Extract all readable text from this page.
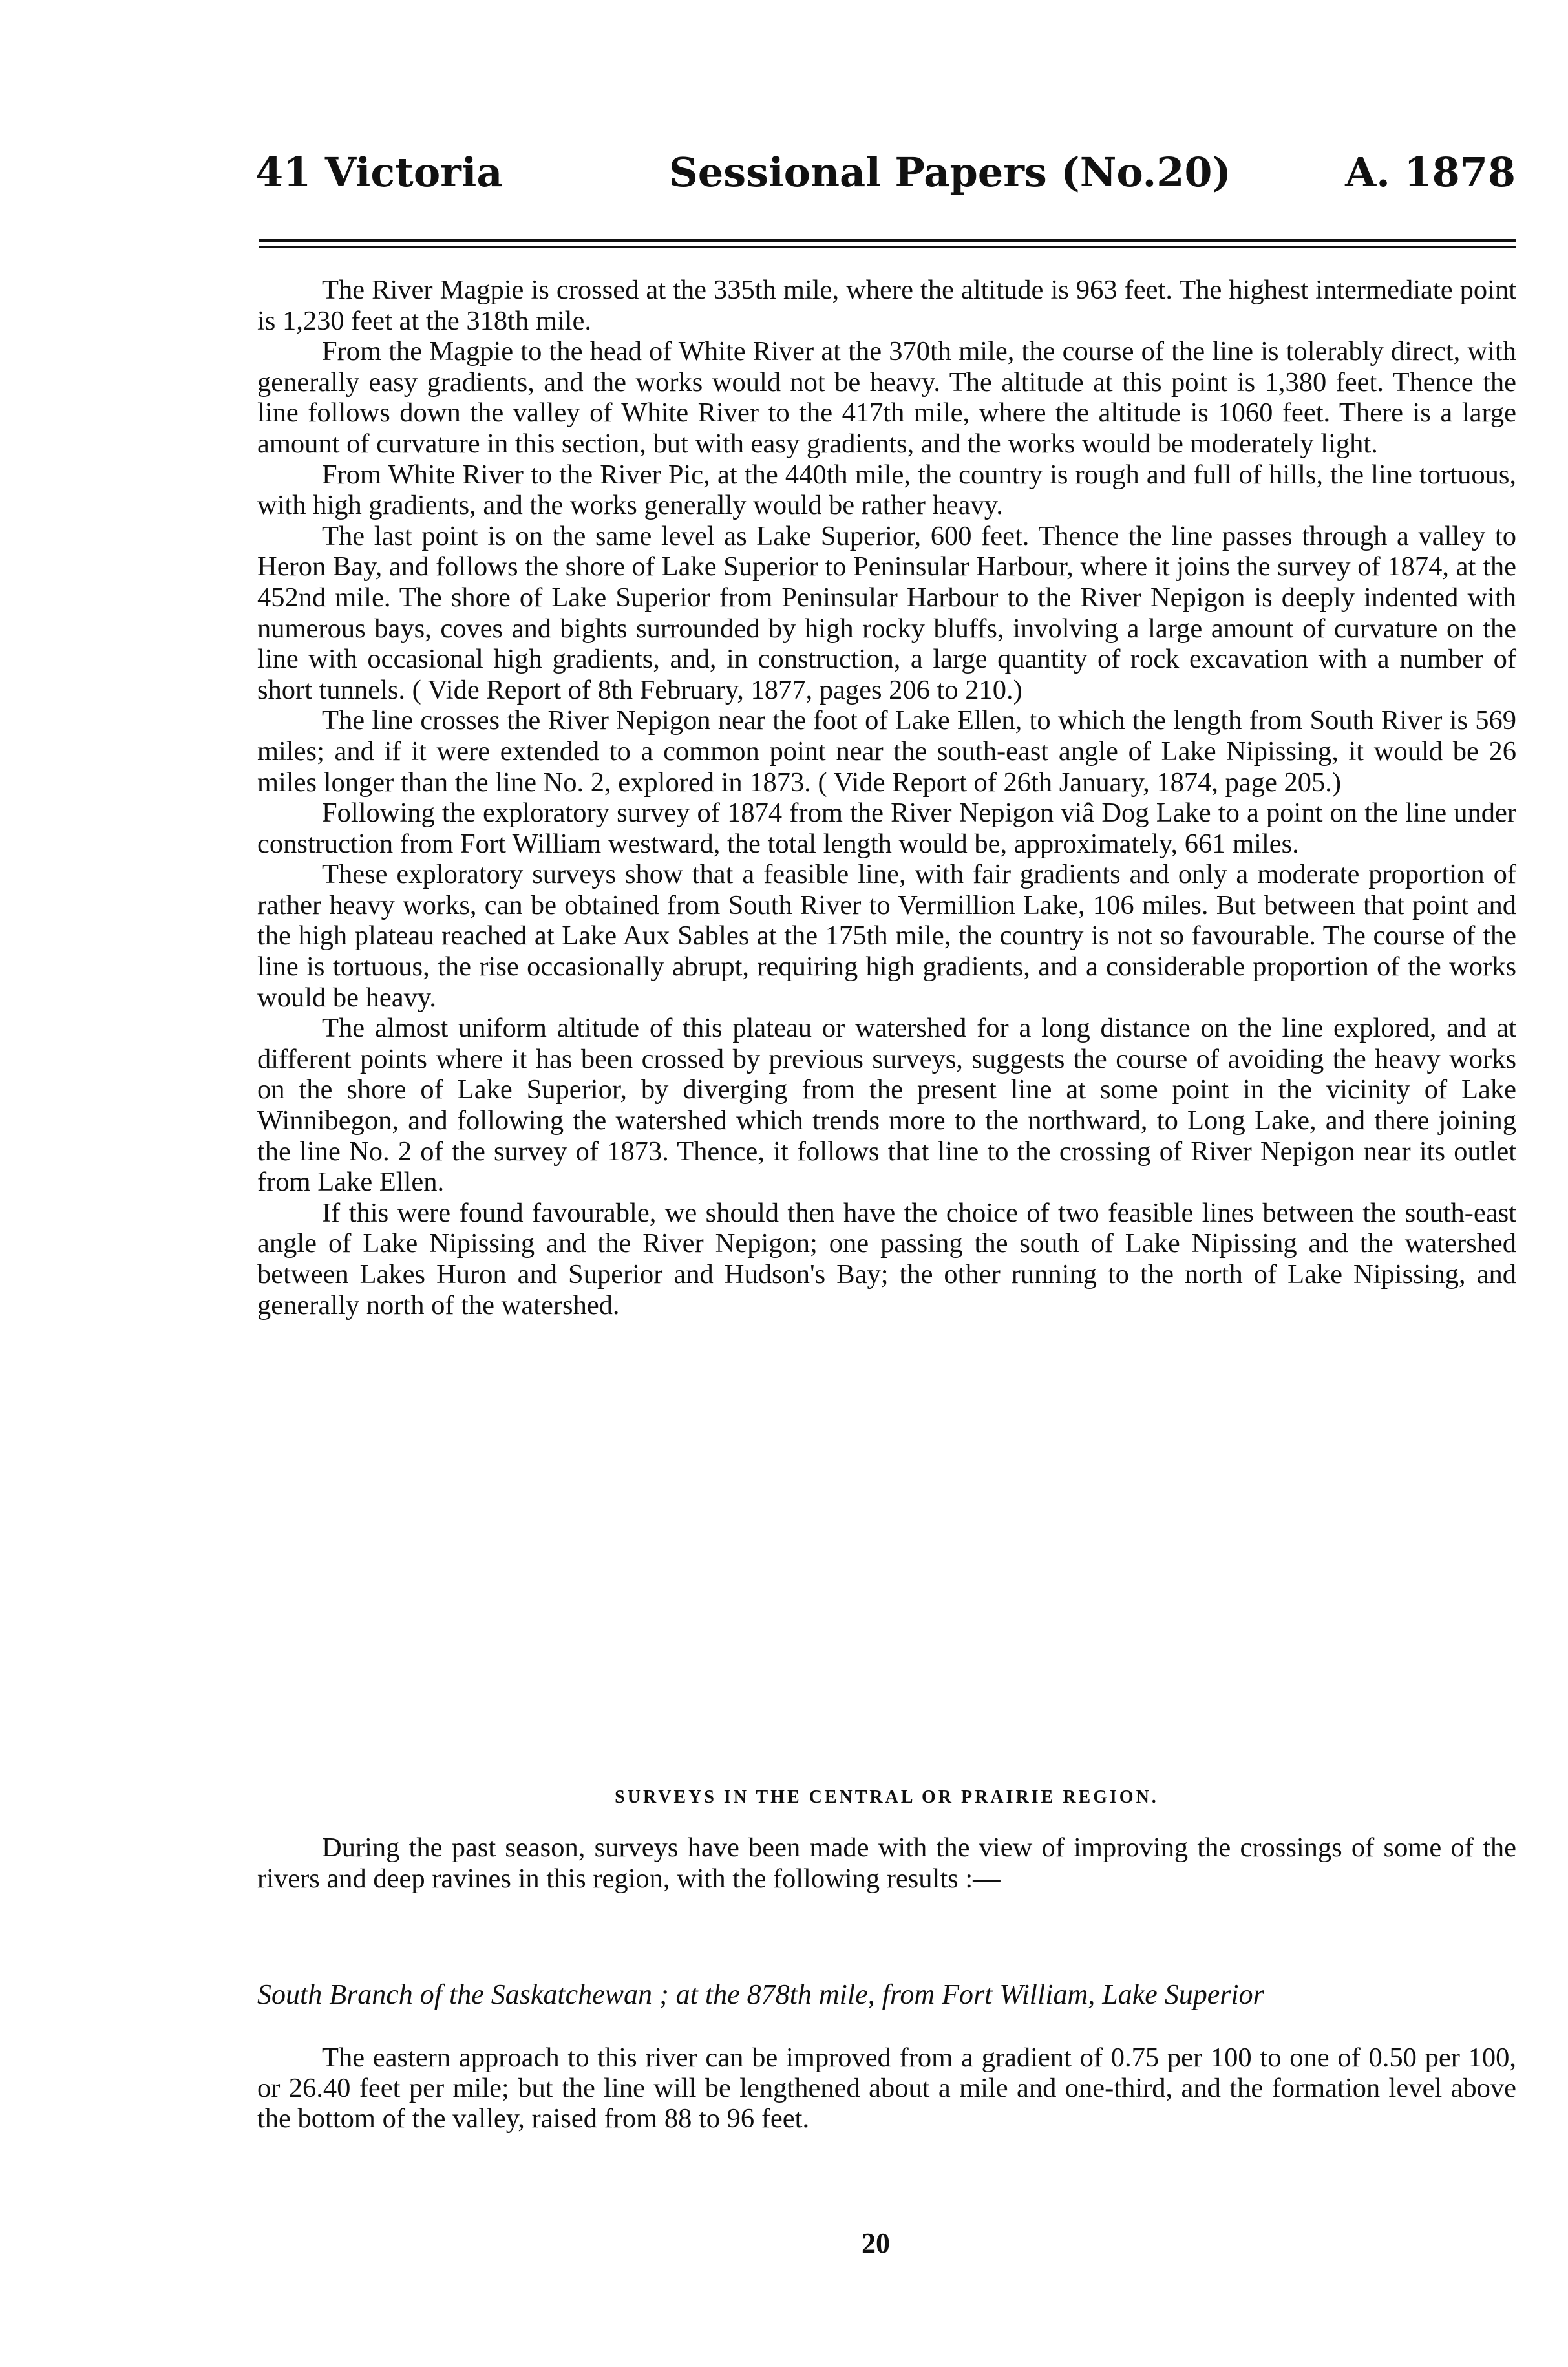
41 Victoria	Sessional Papers (No.20)	A. 1878

The River Magpie is crossed at the 335th mile, where the altitude is 963 feet. The highest intermediate point is 1,230 feet at the 318th mile.

From the Magpie to the head of White River at the 370th mile, the course of the line is tolerably direct, with generally easy gradients, and the works would not be heavy. The altitude at this point is 1,380 feet. Thence the line follows down the valley of White River to the 417th mile, where the altitude is 1060 feet. There is a large amount of curvature in this section, but with easy gradients, and the works would be moderately light.

From White River to the River Pic, at the 440th mile, the country is rough and full of hills, the line tortuous, with high gradients, and the works generally would be rather heavy.

The last point is on the same level as Lake Superior, 600 feet. Thence the line passes through a valley to Heron Bay, and follows the shore of Lake Superior to Peninsular Harbour, where it joins the survey of 1874, at the 452nd mile. The shore of Lake Superior from Peninsular Harbour to the River Nepigon is deeply indented with numerous bays, coves and bights surrounded by high rocky bluffs, involving a large amount of curvature on the line with occasional high gradients, and, in construction, a large quantity of rock excavation with a number of short tunnels. ( Vide Report of 8th February, 1877, pages 206 to 210.)

The line crosses the River Nepigon near the foot of Lake Ellen, to which the length from South River is 569 miles; and if it were extended to a common point near the south-east angle of Lake Nipissing, it would be 26 miles longer than the line No. 2, explored in 1873. ( Vide Report of 26th January, 1874, page 205.)

Following the exploratory survey of 1874 from the River Nepigon viâ Dog Lake to a point on the line under construction from Fort William westward, the total length would be, approximately, 661 miles.

These exploratory surveys show that a feasible line, with fair gradients and only a moderate proportion of rather heavy works, can be obtained from South River to Vermillion Lake, 106 miles. But between that point and the high plateau reached at Lake Aux Sables at the 175th mile, the country is not so favourable. The course of the line is tortuous, the rise occasionally abrupt, requiring high gradients, and a considerable proportion of the works would be heavy.

The almost uniform altitude of this plateau or watershed for a long distance on the line explored, and at different points where it has been crossed by previous surveys, suggests the course of avoiding the heavy works on the shore of Lake Superior, by diverging from the present line at some point in the vicinity of Lake Winnibegon, and following the watershed which trends more to the northward, to Long Lake, and there joining the line No. 2 of the survey of 1873. Thence, it follows that line to the crossing of River Nepigon near its outlet from Lake Ellen.

If this were found favourable, we should then have the choice of two feasible lines between the south-east angle of Lake Nipissing and the River Nepigon; one passing the south of Lake Nipissing and the watershed between Lakes Huron and Superior and Hudson's Bay; the other running to the north of Lake Nipissing, and generally north of the watershed.

SURVEYS IN THE CENTRAL OR PRAIRIE REGION.

During the past season, surveys have been made with the view of improving the crossings of some of the rivers and deep ravines in this region, with the following results :—

South Branch of the Saskatchewan ; at the 878th mile, from Fort William, Lake Superior

The eastern approach to this river can be improved from a gradient of 0.75 per 100 to one of 0.50 per 100, or 26.40 feet per mile; but the line will be lengthened about a mile and one-third, and the formation level above the bottom of the valley, raised from 88 to 96 feet.

20
